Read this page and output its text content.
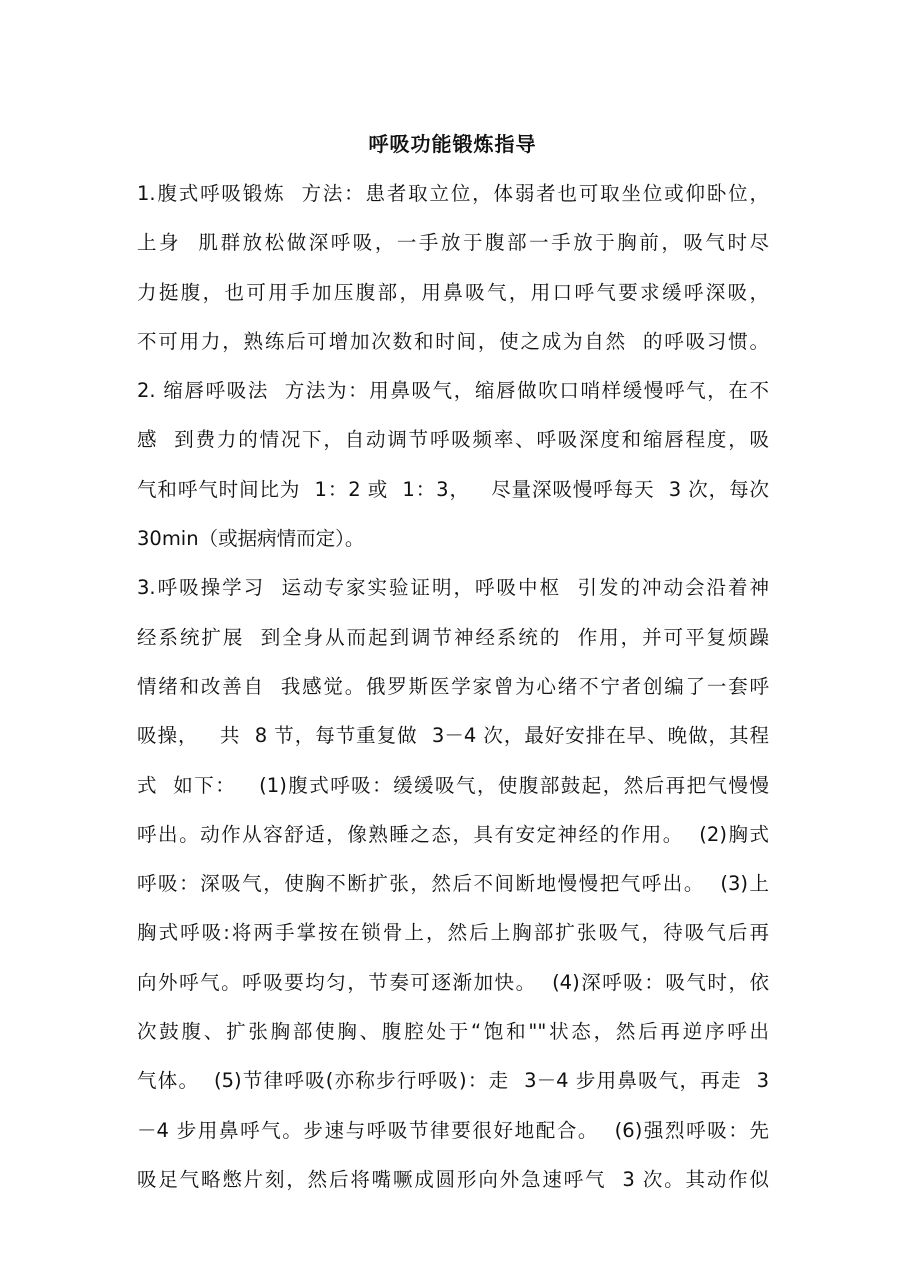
呼吸功能锻炼指导
1.腹式呼吸锻炼  方法：患者取立位，体弱者也可取坐位或仰卧位，
上身  肌群放松做深呼吸，一手放于腹部一手放于胸前，吸气时尽
力挺腹，也可用手加压腹部，用鼻吸气，用口呼气要求缓呼深吸，
不可用力，熟练后可增加次数和时间，使之成为自然  的呼吸习惯。
2. 缩唇呼吸法  方法为：用鼻吸气，缩唇做吹口哨样缓慢呼气，在不
感  到费力的情况下，自动调节呼吸频率、呼吸深度和缩唇程度，吸
气和呼气时间比为  1：2 或  1：3，   尽量深吸慢呼每天  3 次，每次
30min（或据病情而定）。
3.呼吸操学习  运动专家实验证明，呼吸中枢  引发的冲动会沿着神
经系统扩展  到全身从而起到调节神经系统的  作用，并可平复烦躁
情绪和改善自  我感觉。俄罗斯医学家曾为心绪不宁者创编了一套呼
吸操，   共  8 节，每节重复做  3－4 次，最好安排在早、晚做，其程
式  如下：   (1)腹式呼吸：缓缓吸气，使腹部鼓起，然后再把气慢慢
呼出。动作从容舒适，像熟睡之态，具有安定神经的作用。  (2)胸式
呼吸：深吸气，使胸不断扩张，然后不间断地慢慢把气呼出。  (3)上
胸式呼吸:将两手掌按在锁骨上，然后上胸部扩张吸气，待吸气后再
向外呼气。呼吸要均匀，节奏可逐渐加快。  (4)深呼吸：吸气时，依
次鼓腹、扩张胸部使胸、腹腔处于“饱和""状态，然后再逆序呼出
气体。  (5)节律呼吸(亦称步行呼吸)：走  3－4 步用鼻吸气，再走  3
－4 步用鼻呼气。步速与呼吸节律要很好地配合。  (6)强烈呼吸：先
吸足气略憋片刻，然后将嘴噘成圆形向外急速呼气  3 次。其动作似
